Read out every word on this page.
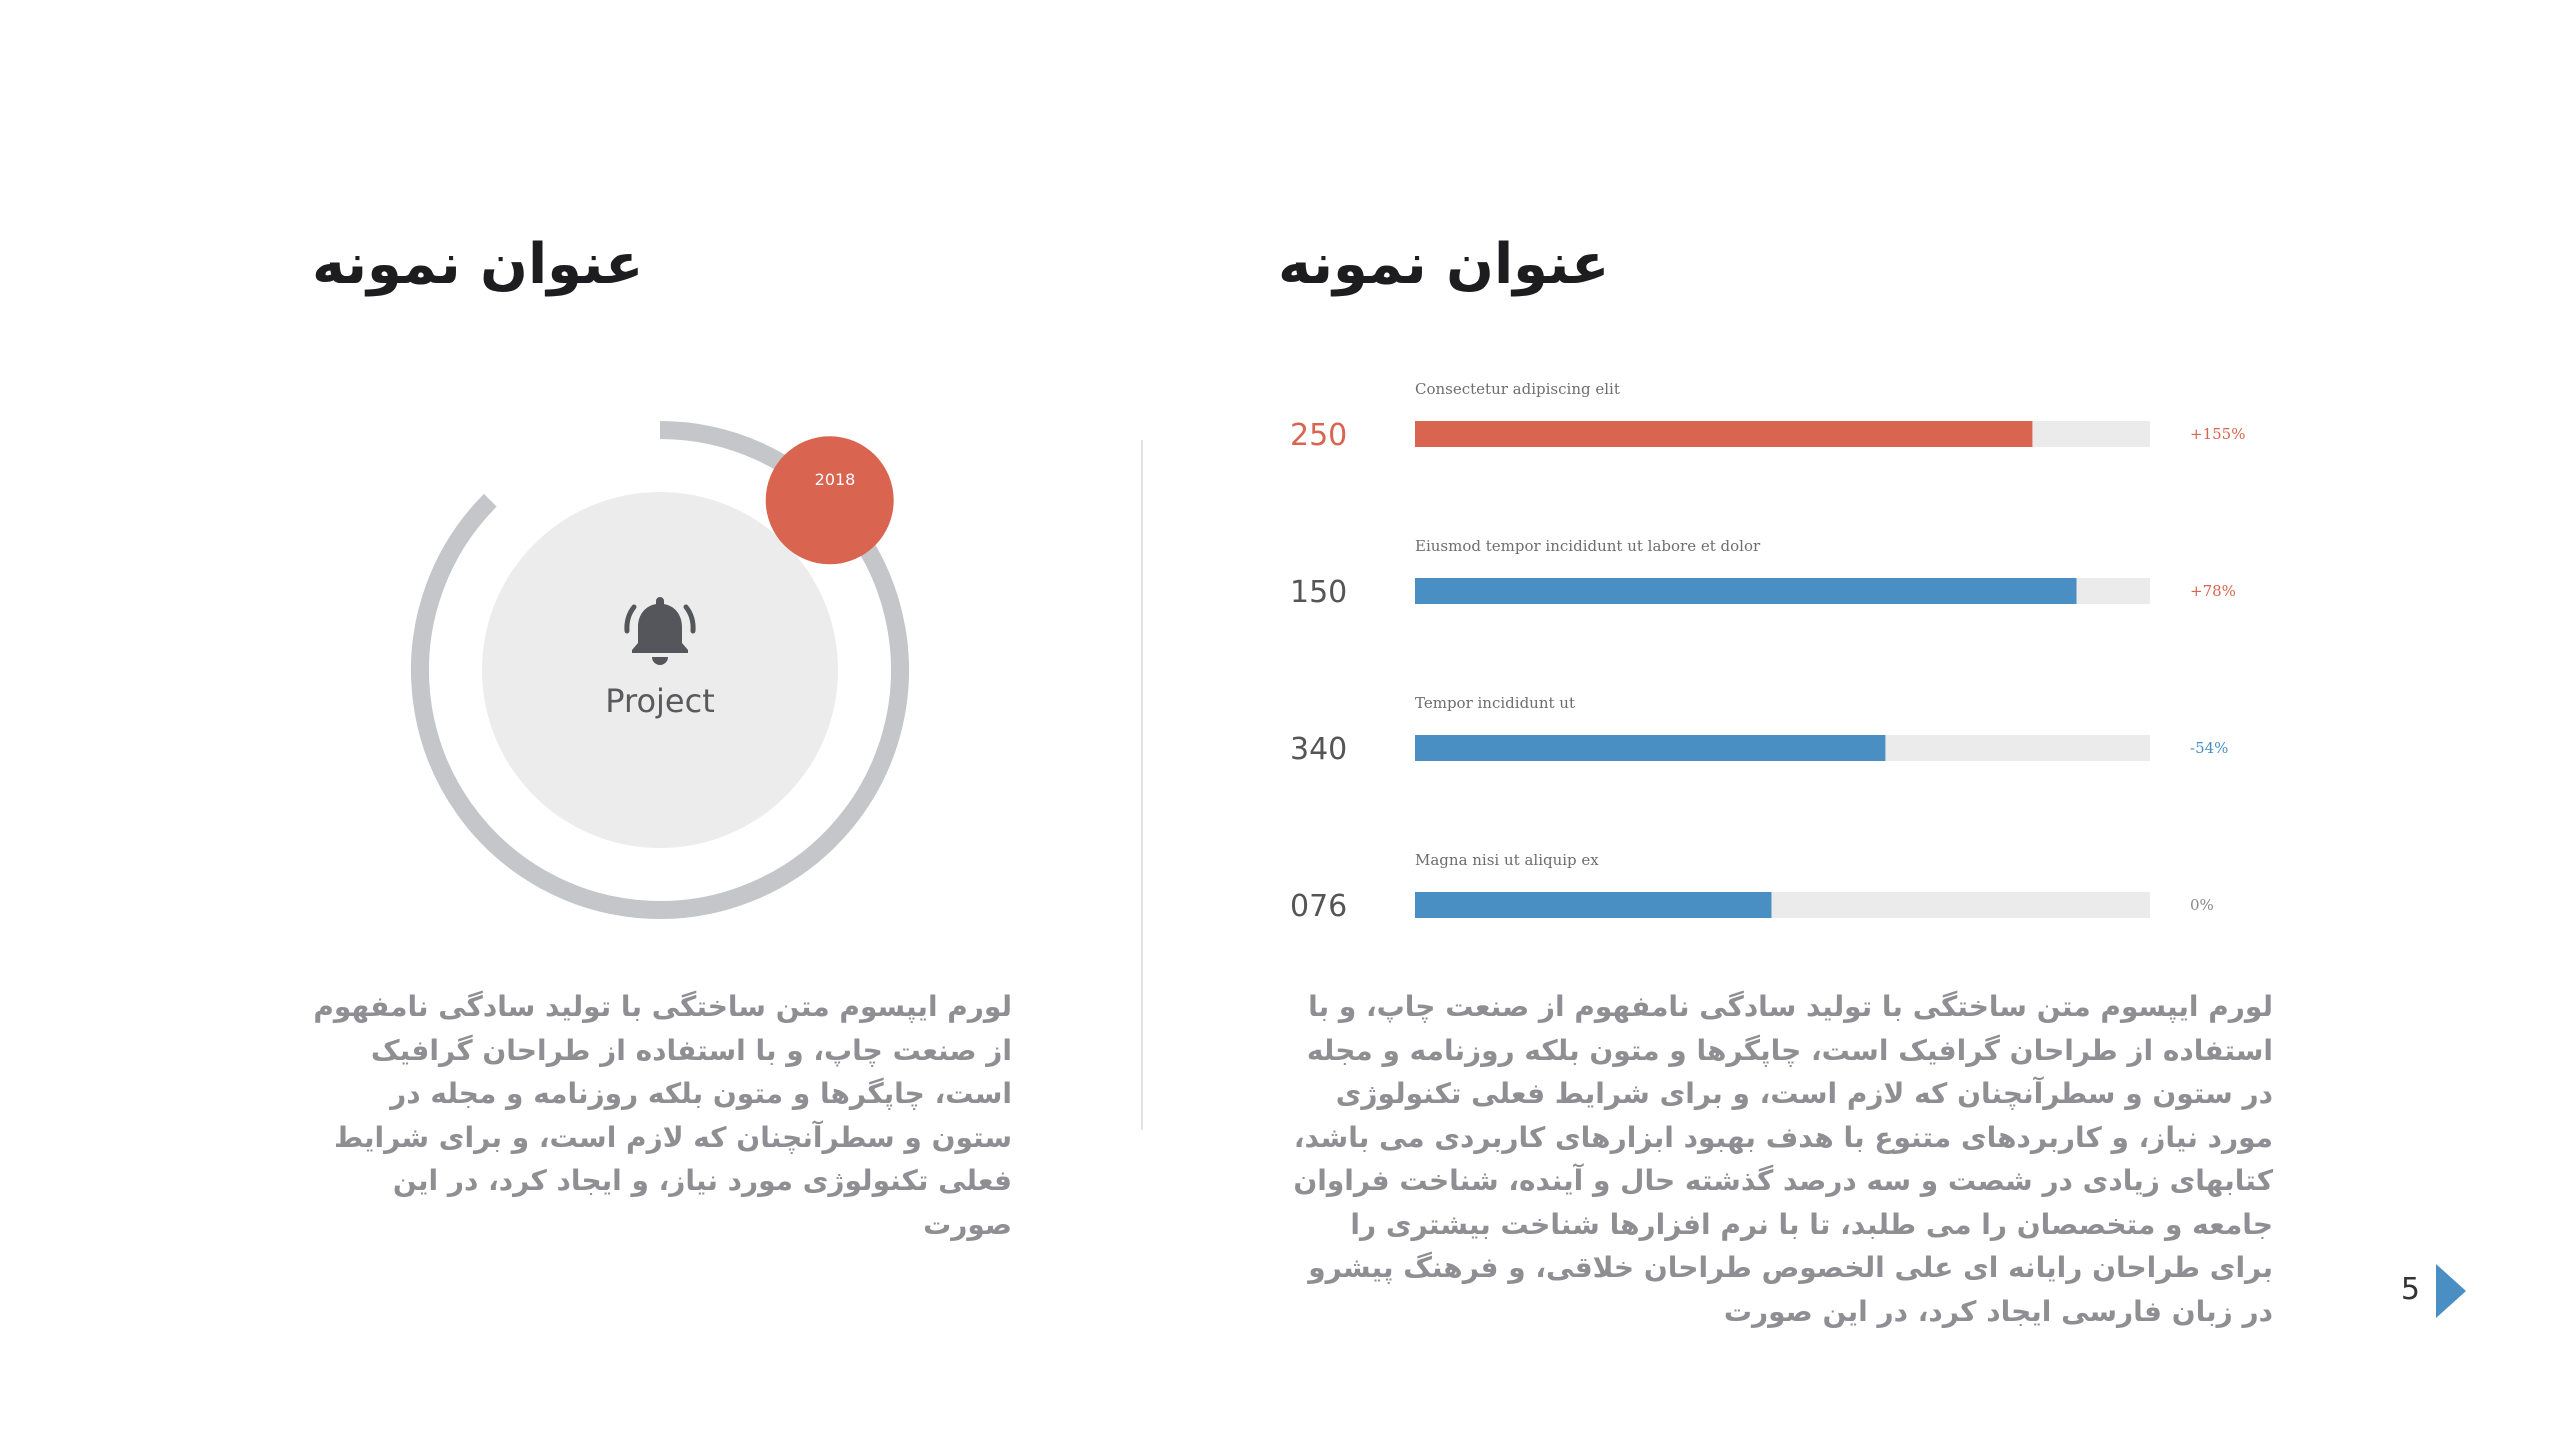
عنوان نمونه	عنوان نمونه
Project
2018

لورم ایپسوم متن ساختگی با تولید سادگی نامفهوم از صنعت چاپ، و با استفاده از طراحان گرافیک است، چاپگرها و متون بلکه روزنامه و مجله در ستون و سطرآنچنان که لازم است، و برای شرایط فعلی تکنولوژی مورد نیاز، و ایجاد کرد، در این صورت

Consectetur adipiscing elit
250	+155%
Eiusmod tempor incididunt ut labore et dolor
150	+78%
Tempor incididunt ut
340	-54%
Magna nisi ut aliquip ex
076	0%

لورم ایپسوم متن ساختگی با تولید سادگی نامفهوم از صنعت چاپ، و با استفاده از طراحان گرافیک است، چاپگرها و متون بلکه روزنامه و مجله در ستون و سطرآنچنان که لازم است، و برای شرایط فعلی تکنولوژی مورد نیاز، و کاربردهای متنوع با هدف بهبود ابزارهای کاربردی می باشد، کتابهای زیادی در شصت و سه درصد گذشته حال و آینده، شناخت فراوان جامعه و متخصصان را می طلبد، تا با نرم افزارها شناخت بیشتری را برای طراحان رایانه ای علی الخصوص طراحان خلاقی، و فرهنگ پیشرو در زبان فارسی ایجاد کرد، در این صورت

5
